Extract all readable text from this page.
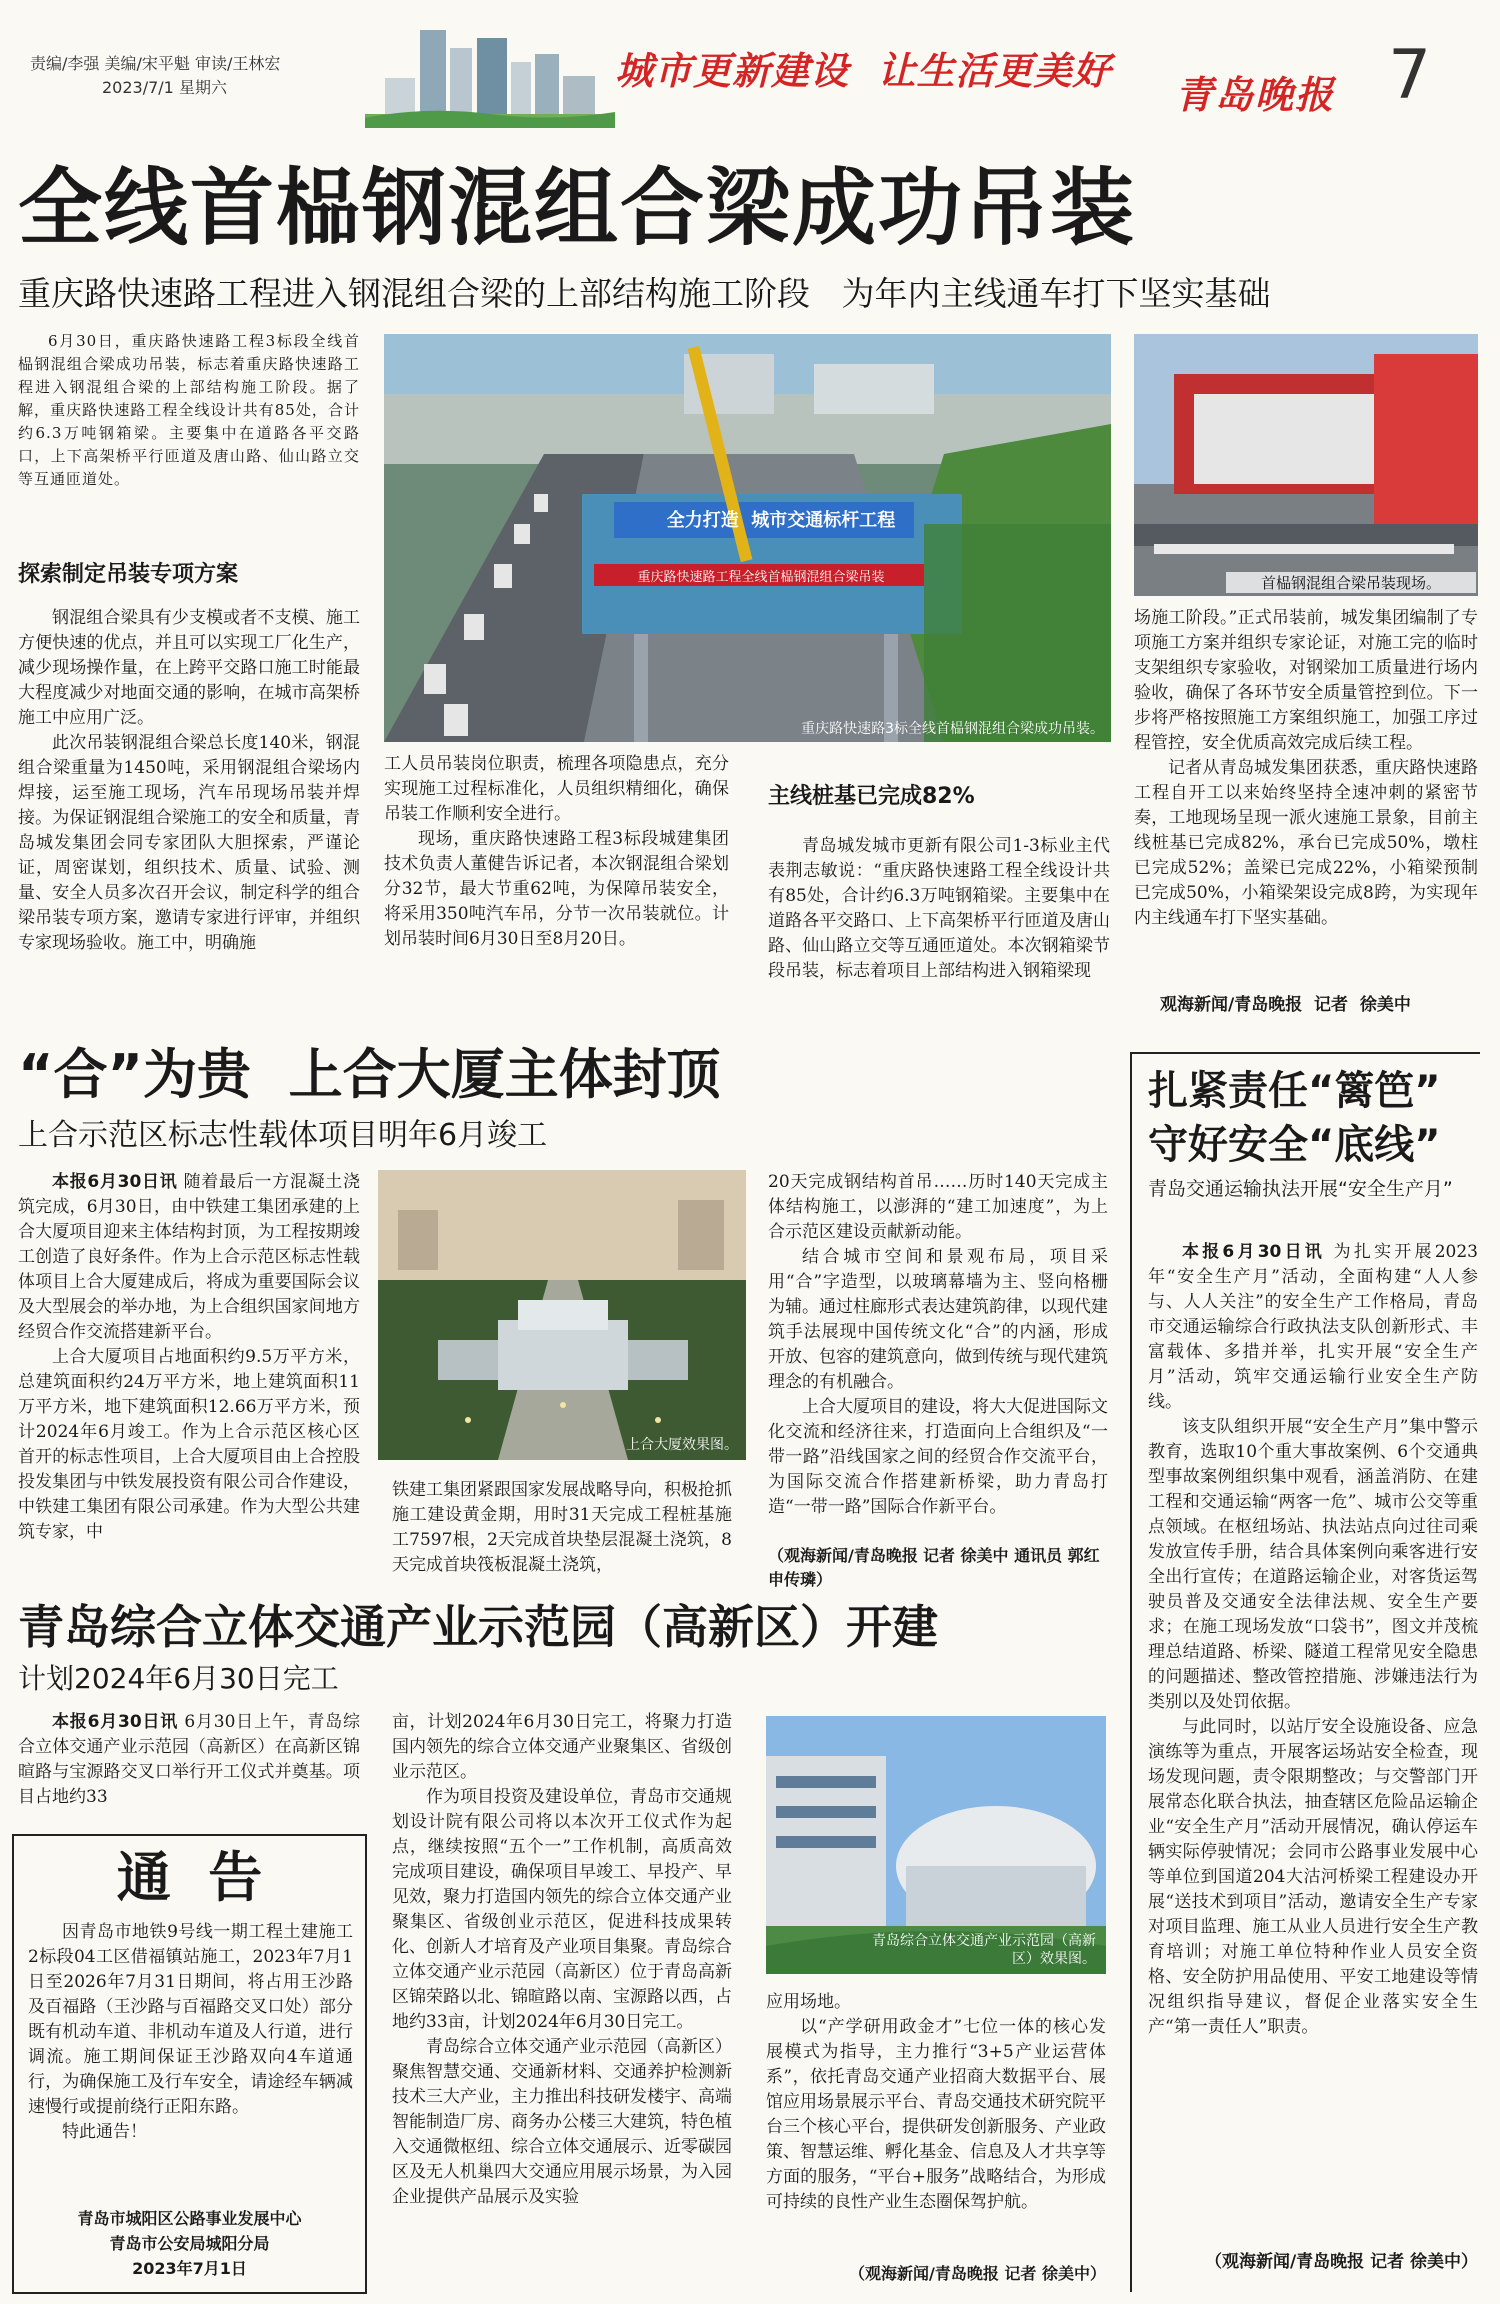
责编/李强 美编/宋平魁 审读/王林宏
2023/7/1 星期六	城市更新建设  让生活更美好
青岛晚报 7
全线首榀钢混组合梁成功吊装
重庆路快速路工程进入钢混组合梁的上部结构施工阶段   为年内主线通车打下坚实基础

6月30日，重庆路快速路工程3标段全线首榀钢混组合梁成功吊装，标志着重庆路快速路工程进入钢混组合梁的上部结构施工阶段。据了解，重庆路快速路工程全线设计共有85处，合计约6.3万吨钢箱梁。主要集中在道路各平交路口，上下高架桥平行匝道及唐山路、仙山路立交等互通匝道处。

探索制定吊装专项方案

钢混组合梁具有少支模或者不支模、施工方便快速的优点，并且可以实现工厂化生产，减少现场操作量，在上跨平交路口施工时能最大程度减少对地面交通的影响，在城市高架桥施工中应用广泛。

此次吊装钢混组合梁总长度140米，钢混组合梁重量为1450吨，采用钢混组合梁场内焊接，运至施工现场，汽车吊现场吊装并焊接。为保证钢混组合梁施工的安全和质量，青岛城发集团会同专家团队大胆探索，严谨论证，周密谋划，组织技术、质量、试验、测量、安全人员多次召开会议，制定科学的组合梁吊装专项方案，邀请专家进行评审，并组织专家现场验收。施工中，明确施

全力打造  城市交通标杆工程
重庆路快速路工程全线首榀钢混组合梁吊装
重庆路快速路3标全线首榀钢混组合梁成功吊装。
首榀钢混组合梁吊装现场。

工人员吊装岗位职责，梳理各项隐患点，充分实现施工过程标准化，人员组织精细化，确保吊装工作顺利安全进行。

现场，重庆路快速路工程3标段城建集团技术负责人董健告诉记者，本次钢混组合梁划分32节，最大节重62吨，为保障吊装安全，将采用350吨汽车吊，分节一次吊装就位。计划吊装时间6月30日至8月20日。

主线桩基已完成82%

青岛城发城市更新有限公司1-3标业主代表荆志敏说：“重庆路快速路工程全线设计共有85处，合计约6.3万吨钢箱梁。主要集中在道路各平交路口、上下高架桥平行匝道及唐山路、仙山路立交等互通匝道处。本次钢箱梁节段吊装，标志着项目上部结构进入钢箱梁现

场施工阶段。”正式吊装前，城发集团编制了专项施工方案并组织专家论证，对施工完的临时支架组织专家验收，对钢梁加工质量进行场内验收，确保了各环节安全质量管控到位。下一步将严格按照施工方案组织施工，加强工序过程管控，安全优质高效完成后续工程。

记者从青岛城发集团获悉，重庆路快速路工程自开工以来始终坚持全速冲刺的紧密节奏，工地现场呈现一派火速施工景象，目前主线桩基已完成82%，承台已完成50%，墩柱已完成52%；盖梁已完成22%，小箱梁预制已完成50%，小箱梁架设完成8跨，为实现年内主线通车打下坚实基础。

观海新闻/青岛晚报  记者  徐美中
“合”为贵  上合大厦主体封顶
上合示范区标志性载体项目明年6月竣工

本报6月30日讯 随着最后一方混凝土浇筑完成，6月30日，由中铁建工集团承建的上合大厦项目迎来主体结构封顶，为工程按期竣工创造了良好条件。作为上合示范区标志性载体项目上合大厦建成后，将成为重要国际会议及大型展会的举办地，为上合组织国家间地方经贸合作交流搭建新平台。

上合大厦项目占地面积约9.5万平方米，总建筑面积约24万平方米，地上建筑面积11万平方米，地下建筑面积12.66万平方米，预计2024年6月竣工。作为上合示范区核心区首开的标志性项目，上合大厦项目由上合控股投发集团与中铁发展投资有限公司合作建设，中铁建工集团有限公司承建。作为大型公共建筑专家，中

上合大厦效果图。

铁建工集团紧跟国家发展战略导向，积极抢抓施工建设黄金期，用时31天完成工程桩基施工7597根，2天完成首块垫层混凝土浇筑，8天完成首块筏板混凝土浇筑，

20天完成钢结构首吊……历时140天完成主体结构施工，以澎湃的“建工加速度”，为上合示范区建设贡献新动能。

结合城市空间和景观布局，项目采用“合”字造型，以玻璃幕墙为主、竖向格栅为辅。通过柱廊形式表达建筑韵律，以现代建筑手法展现中国传统文化“合”的内涵，形成开放、包容的建筑意向，做到传统与现代建筑理念的有机融合。

上合大厦项目的建设，将大大促进国际文化交流和经济往来，打造面向上合组织及“一带一路”沿线国家之间的经贸合作交流平台，为国际交流合作搭建新桥梁，助力青岛打造“一带一路”国际合作新平台。

（观海新闻/青岛晚报 记者 徐美中 通讯员 郭红 申传璘）
扎紧责任“篱笆”
守好安全“底线”
青岛交通运输执法开展“安全生产月”

本报6月30日讯 为扎实开展2023年“安全生产月”活动，全面构建“人人参与、人人关注”的安全生产工作格局，青岛市交通运输综合行政执法支队创新形式、丰富载体、多措并举，扎实开展“安全生产月”活动，筑牢交通运输行业安全生产防线。

该支队组织开展“安全生产月”集中警示教育，选取10个重大事故案例、6个交通典型事故案例组织集中观看，涵盖消防、在建工程和交通运输“两客一危”、城市公交等重点领域。在枢纽场站、执法站点向过往司乘发放宣传手册，结合具体案例向乘客进行安全出行宣传；在道路运输企业，对客货运驾驶员普及交通安全法律法规、安全生产要求；在施工现场发放“口袋书”，图文并茂梳理总结道路、桥梁、隧道工程常见安全隐患的问题描述、整改管控措施、涉嫌违法行为类别以及处罚依据。

与此同时，以站厅安全设施设备、应急演练等为重点，开展客运场站安全检查，现场发现问题，责令限期整改；与交警部门开展常态化联合执法，抽查辖区危险品运输企业“安全生产月”活动开展情况，确认停运车辆实际停驶情况；会同市公路事业发展中心等单位到国道204大沽河桥梁工程建设办开展“送技术到项目”活动，邀请安全生产专家对项目监理、施工从业人员进行安全生产教育培训；对施工单位特种作业人员安全资格、安全防护用品使用、平安工地建设等情况组织指导建议，督促企业落实安全生产“第一责任人”职责。

（观海新闻/青岛晚报 记者 徐美中）
青岛综合立体交通产业示范园（高新区）开建
计划2024年6月30日完工

本报6月30日讯 6月30日上午，青岛综合立体交通产业示范园（高新区）在高新区锦暄路与宝源路交叉口举行开工仪式并奠基。项目占地约33

通  告

因青岛市地铁9号线一期工程土建施工2标段04工区借福镇站施工，2023年7月1日至2026年7月31日期间，将占用王沙路及百福路（王沙路与百福路交叉口处）部分既有机动车道、非机动车道及人行道，进行调流。施工期间保证王沙路双向4车道通行，为确保施工及行车安全，请途经车辆减速慢行或提前绕行正阳东路。

特此通告！

青岛市城阳区公路事业发展中心
青岛市公安局城阳分局
2023年7月1日

亩，计划2024年6月30日完工，将聚力打造国内领先的综合立体交通产业聚集区、省级创业示范区。

作为项目投资及建设单位，青岛市交通规划设计院有限公司将以本次开工仪式作为起点，继续按照“五个一”工作机制，高质高效完成项目建设，确保项目早竣工、早投产、早见效，聚力打造国内领先的综合立体交通产业聚集区、省级创业示范区，促进科技成果转化、创新人才培育及产业项目集聚。青岛综合立体交通产业示范园（高新区）位于青岛高新区锦荣路以北、锦暄路以南、宝源路以西，占地约33亩，计划2024年6月30日完工。

青岛综合立体交通产业示范园（高新区）聚焦智慧交通、交通新材料、交通养护检测新技术三大产业，主力推出科技研发楼宇、高端智能制造厂房、商务办公楼三大建筑，特色植入交通微枢纽、综合立体交通展示、近零碳园区及无人机巢四大交通应用展示场景，为入园企业提供产品展示及实验

青岛综合立体交通产业示范园（高新区）效果图。

应用场地。

以“产学研用政金才”七位一体的核心发展模式为指导，主力推行“3+5产业运营体系”，依托青岛交通产业招商大数据平台、展馆应用场景展示平台、青岛交通技术研究院平台三个核心平台，提供研发创新服务、产业政策、智慧运维、孵化基金、信息及人才共享等方面的服务，“平台+服务”战略结合，为形成可持续的良性产业生态圈保驾护航。

（观海新闻/青岛晚报 记者 徐美中）
